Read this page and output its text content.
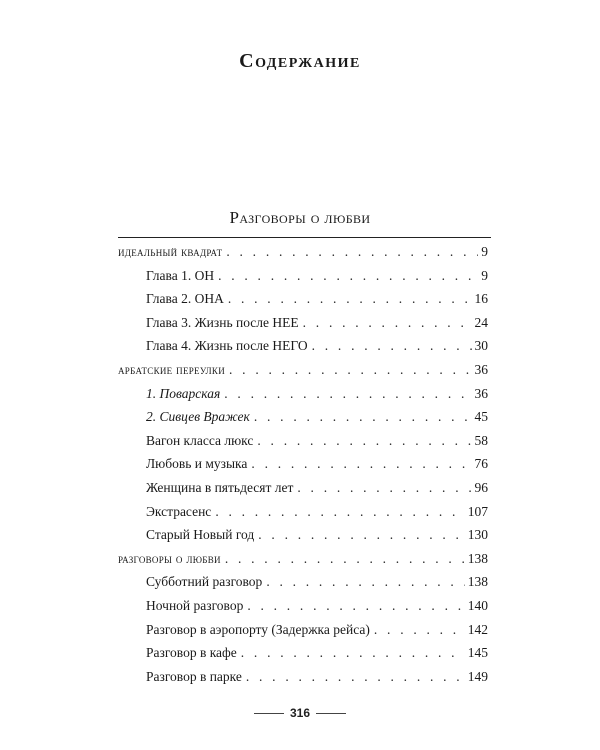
Содержание
Разговоры о любви
идеальный квадрат . . .	9
Глава 1. ОН . . .	9
Глава 2. ОНА . . .	16
Глава 3. Жизнь после НЕЕ . . .	24
Глава 4. Жизнь после НЕГО . . .	30
арбатские переулки . . .	36
1. Поварская . . .	36
2. Сивцев Вражек . . .	45
Вагон класса люкс . . .	58
Любовь и музыка . . .	76
Женщина в пятьдесят лет . . .	96
Экстрасенс . . .	107
Старый Новый год . . .	130
разговоры о любви . . .	138
Субботний разговор . . .	138
Ночной разговор . . .	140
Разговор в аэропорту (Задержка рейса) . . .	142
Разговор в кафе . . .	145
Разговор в парке . . .	149
316
